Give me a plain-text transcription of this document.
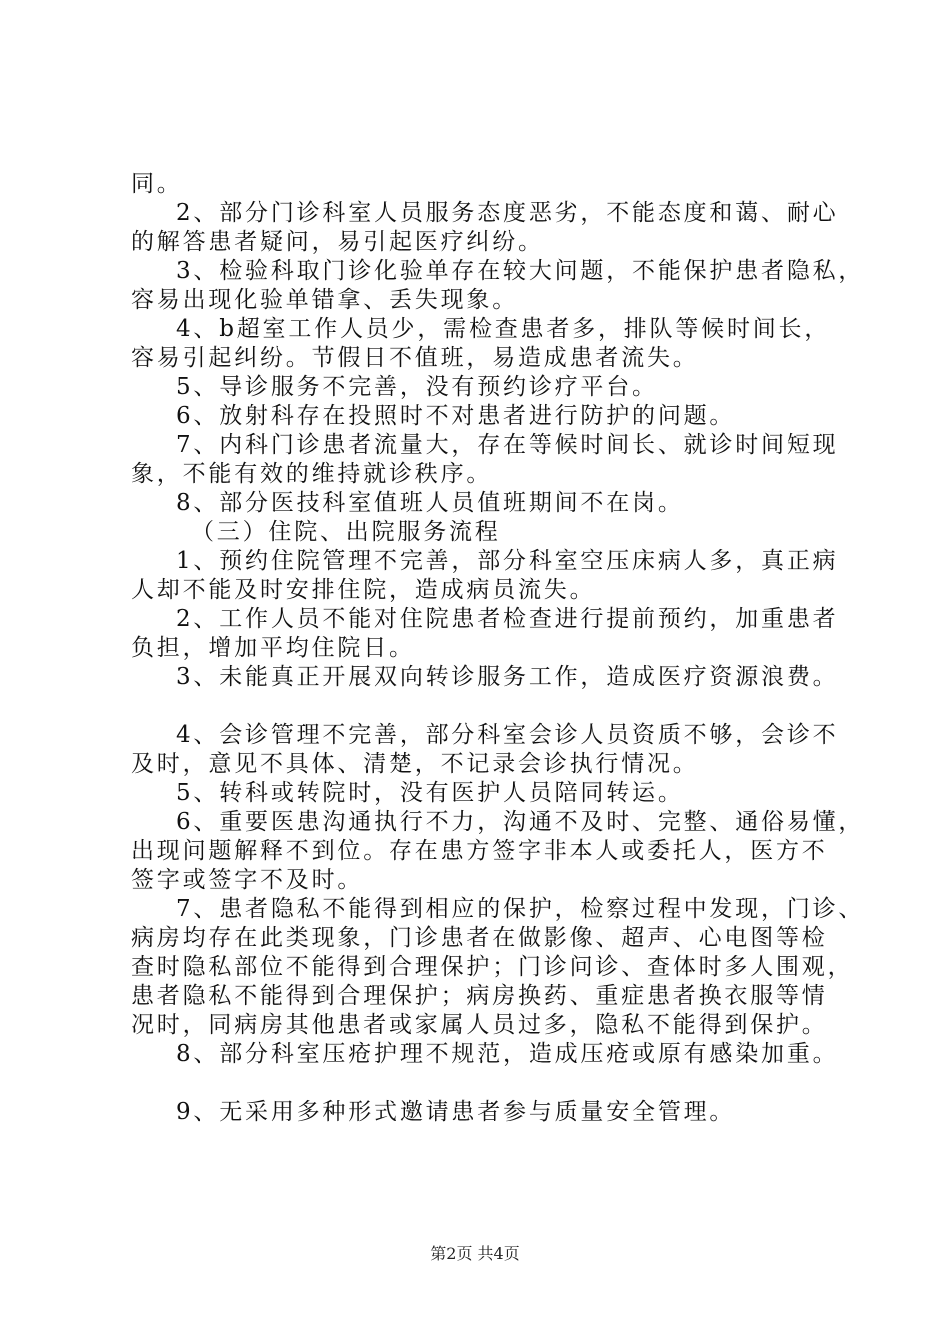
同。
2、部分门诊科室人员服务态度恶劣，不能态度和蔼、耐心
的解答患者疑问，易引起医疗纠纷。
3、检验科取门诊化验单存在较大问题，不能保护患者隐私，
容易出现化验单错拿、丢失现象。
4、b超室工作人员少，需检查患者多，排队等候时间长，
容易引起纠纷。节假日不值班，易造成患者流失。
5、导诊服务不完善，没有预约诊疗平台。
6、放射科存在投照时不对患者进行防护的问题。
7、内科门诊患者流量大，存在等候时间长、就诊时间短现
象，不能有效的维持就诊秩序。
8、部分医技科室值班人员值班期间不在岗。
（三）住院、出院服务流程
1、预约住院管理不完善，部分科室空压床病人多，真正病
人却不能及时安排住院，造成病员流失。
2、工作人员不能对住院患者检查进行提前预约，加重患者
负担，增加平均住院日。
3、未能真正开展双向转诊服务工作，造成医疗资源浪费。
4、会诊管理不完善，部分科室会诊人员资质不够，会诊不
及时，意见不具体、清楚，不记录会诊执行情况。
5、转科或转院时，没有医护人员陪同转运。
6、重要医患沟通执行不力，沟通不及时、完整、通俗易懂，
出现问题解释不到位。存在患方签字非本人或委托人，医方不
签字或签字不及时。
7、患者隐私不能得到相应的保护，检察过程中发现，门诊、
病房均存在此类现象，门诊患者在做影像、超声、心电图等检
查时隐私部位不能得到合理保护；门诊问诊、查体时多人围观，
患者隐私不能得到合理保护；病房换药、重症患者换衣服等情
况时，同病房其他患者或家属人员过多，隐私不能得到保护。
8、部分科室压疮护理不规范，造成压疮或原有感染加重。
9、无采用多种形式邀请患者参与质量安全管理。
第2页 共4页
